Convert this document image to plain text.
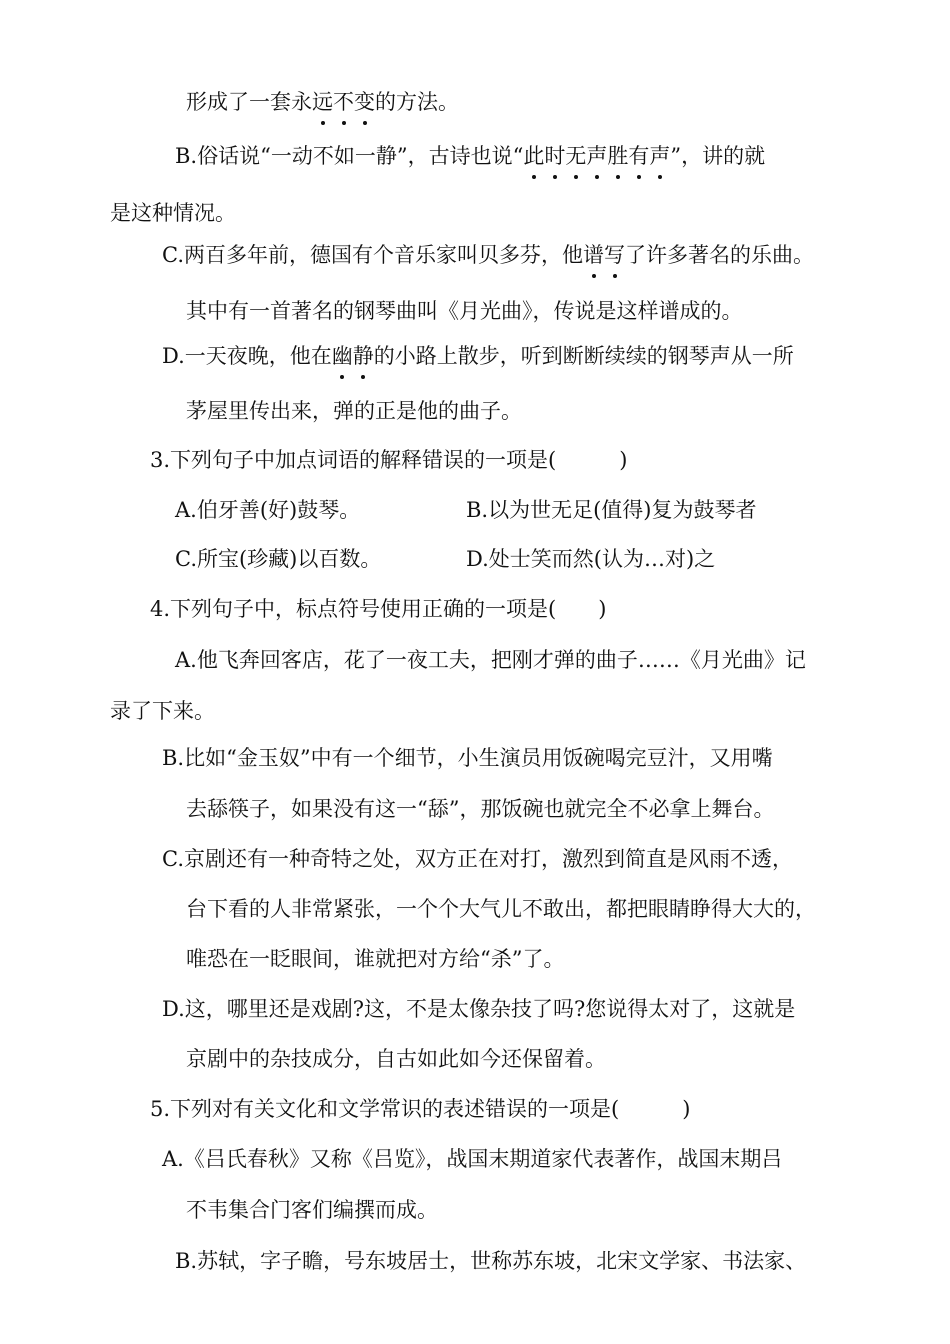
形成了一套永远不变的方法。
B.俗话说“一动不如一静”，古诗也说“此时无声胜有声”，讲的就
是这种情况。
C.两百多年前，德国有个音乐家叫贝多芬，他谱写了许多著名的乐曲。
其中有一首著名的钢琴曲叫《月光曲》，传说是这样谱成的。
D.一天夜晚，他在幽静的小路上散步，听到断断续续的钢琴声从一所
茅屋里传出来，弹的正是他的曲子。
3.下列句子中加点词语的解释错误的一项是(　　　)
A.伯牙善(好)鼓琴。	B.以为世无足(值得)复为鼓琴者
C.所宝(珍藏)以百数。	D.处士笑而然(认为…对)之
4.下列句子中，标点符号使用正确的一项是(　　)
A.他飞奔回客店，花了一夜工夫，把刚才弹的曲子……《月光曲》记
录了下来。
B.比如“金玉奴”中有一个细节，小生演员用饭碗喝完豆汁，又用嘴
去舔筷子，如果没有这一“舔”，那饭碗也就完全不必拿上舞台。
C.京剧还有一种奇特之处，双方正在对打，激烈到简直是风雨不透，
台下看的人非常紧张，一个个大气儿不敢出，都把眼睛睁得大大的，
唯恐在一眨眼间，谁就把对方给“杀”了。
D.这，哪里还是戏剧?这，不是太像杂技了吗?您说得太对了，这就是
京剧中的杂技成分，自古如此如今还保留着。
5.下列对有关文化和文学常识的表述错误的一项是(　　　)
A.《吕氏春秋》又称《吕览》，战国末期道家代表著作，战国末期吕
不韦集合门客们编撰而成。
B.苏轼，字子瞻，号东坡居士，世称苏东坡，北宋文学家、书法家、
